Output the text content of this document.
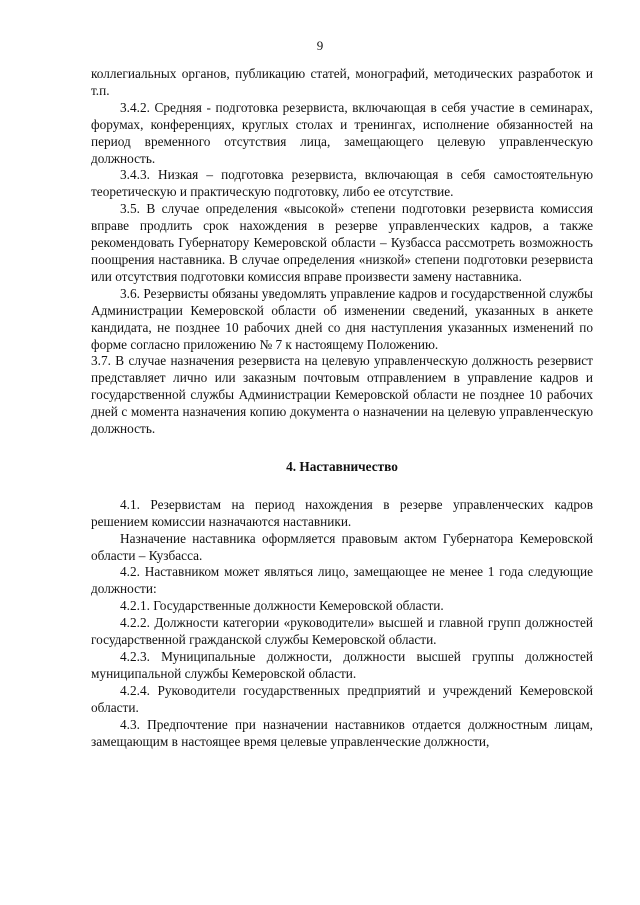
9

коллегиальных органов, публикацию статей, монографий, методических разработок и т.п.

3.4.2. Средняя - подготовка резервиста, включающая в себя участие в семинарах, форумах, конференциях, круглых столах и тренингах, исполнение обязанностей на период временного отсутствия лица, замещающего целевую управленческую должность.

3.4.3. Низкая – подготовка резервиста, включающая в себя самостоятельную теоретическую и практическую подготовку, либо ее отсутствие.

3.5. В случае определения «высокой» степени подготовки резервиста комиссия вправе продлить срок нахождения в резерве управленческих кадров, а также рекомендовать Губернатору Кемеровской области – Кузбасса рассмотреть возможность поощрения наставника. В случае определения «низкой» степени подготовки резервиста или отсутствия подготовки комиссия вправе произвести замену наставника.

3.6. Резервисты обязаны уведомлять управление кадров и государственной службы Администрации Кемеровской области об изменении сведений, указанных в анкете кандидата, не позднее 10 рабочих дней со дня наступления указанных изменений по форме согласно приложению № 7 к настоящему Положению.

3.7. В случае назначения резервиста на целевую управленческую должность резервист представляет лично или заказным почтовым отправлением в управление кадров и государственной службы Администрации Кемеровской области не позднее 10 рабочих дней с момента назначения копию документа о назначении на целевую управленческую должность.

4. Наставничество

4.1. Резервистам на период нахождения в резерве управленческих кадров решением комиссии назначаются наставники.

Назначение наставника оформляется правовым актом Губернатора Кемеровской области – Кузбасса.

4.2. Наставником может являться лицо, замещающее не менее 1 года следующие должности:

4.2.1. Государственные должности Кемеровской области.

4.2.2. Должности категории «руководители» высшей и главной групп должностей государственной гражданской службы Кемеровской области.

4.2.3. Муниципальные должности, должности высшей группы должностей муниципальной службы Кемеровской области.

4.2.4. Руководители государственных предприятий и учреждений Кемеровской области.

4.3. Предпочтение при назначении наставников отдается должностным лицам, замещающим в настоящее время целевые управленческие должности,
